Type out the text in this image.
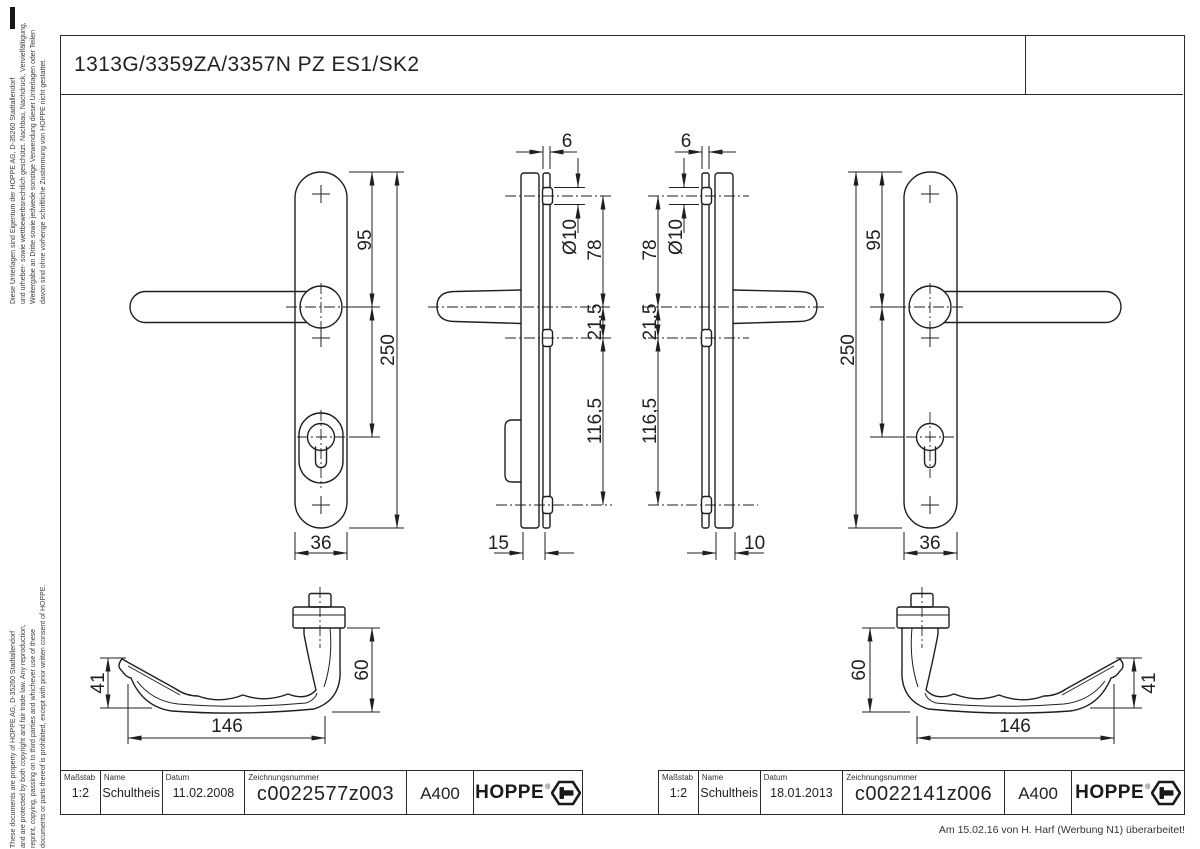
Diese Unterlagen sind Eigentum der HOPPE AG, D-35260 Stadtallendorf und urheber- sowie wettbewerbsrechtlich geschützt. Nachbau, Nachdruck, Vervielfältigung, Weitergabe an Dritte sowie jedwede sonstige Verwendung dieser Unterlagen oder Teilen davon sind ohne vorherige schriftliche Zustimmung von HOPPE nicht gestattet.
These documents are property of HOPPE AG, D-35260 Stadtallendorf and are protected by both copyright and fair trade law. Any reproduction, reprint, copying, passing on to third parties and whichever use of these documents or parts thereof is prohibited, except with prior written consent of HOPPE.
1313G/3359ZA/3357N PZ ES1/SK2
95
250
36
6
Ø10 78
21,5
116,5
15
6
Ø10
78
21,5
116,5
10
95
250
36
41
60
146
60
41
146
Maßstab
1:2
Name
Schultheis
Datum
11.02.2008
Zeichnungsnummer
c0022577z003	A400 HOPPE®
Maßstab
1:2
Name
Schultheis
Datum
18.01.2013
Zeichnungsnummer
c0022141z006	A400 HOPPE®
Am 15.02.16 von H. Harf (Werbung N1) überarbeitet!
